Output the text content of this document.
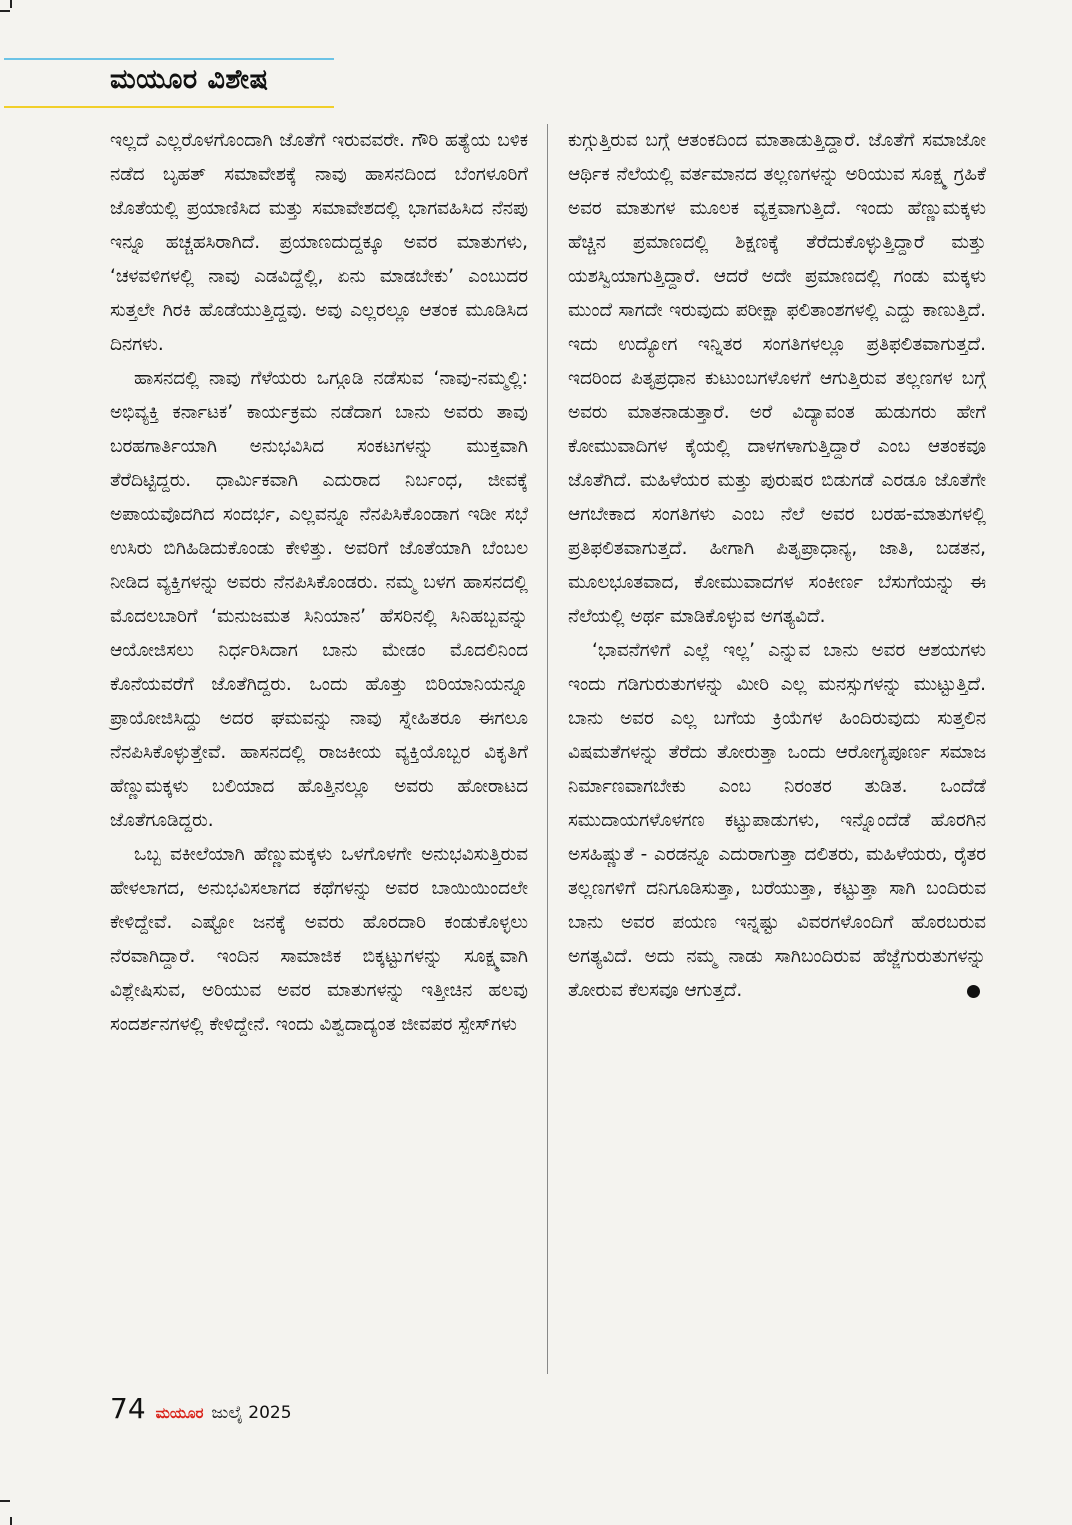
ಮಯೂರ ವಿಶೇಷ

ಇಲ್ಲದೆ ಎಲ್ಲರೊಳಗೊಂದಾಗಿ ಜೊತೆಗೆ ಇರುವವರೇ. ಗೌರಿ ಹತ್ಯೆಯ ಬಳಿಕ ನಡೆದ ಬೃಹತ್ ಸಮಾವೇಶಕ್ಕೆ ನಾವು ಹಾಸನದಿಂದ ಬೆಂಗಳೂರಿಗೆ ಜೊತೆಯಲ್ಲಿ ಪ್ರಯಾಣಿಸಿದ ಮತ್ತು ಸಮಾವೇಶದಲ್ಲಿ ಭಾಗವಹಿಸಿದ ನೆನಪು ಇನ್ನೂ ಹಚ್ಚಹಸಿರಾಗಿದೆ. ಪ್ರಯಾಣದುದ್ದಕ್ಕೂ ಅವರ ಮಾತುಗಳು, ‘ಚಳವಳಿಗಳಲ್ಲಿ ನಾವು ಎಡವಿದ್ದೆಲ್ಲಿ, ಏನು ಮಾಡಬೇಕು’ ಎಂಬುದರ ಸುತ್ತಲೇ ಗಿರಕಿ ಹೊಡೆಯುತ್ತಿದ್ದವು. ಅವು ಎಲ್ಲರಲ್ಲೂ ಆತಂಕ ಮೂಡಿಸಿದ ದಿನಗಳು.

ಹಾಸನದಲ್ಲಿ ನಾವು ಗೆಳೆಯರು ಒಗ್ಗೂಡಿ ನಡೆಸುವ ‘ನಾವು-ನಮ್ಮಲ್ಲಿ: ಅಭಿವ್ಯಕ್ತಿ ಕರ್ನಾಟಕ’ ಕಾರ್ಯಕ್ರಮ ನಡೆದಾಗ ಬಾನು ಅವರು ತಾವು ಬರಹಗಾರ್ತಿಯಾಗಿ ಅನುಭವಿಸಿದ ಸಂಕಟಗಳನ್ನು ಮುಕ್ತವಾಗಿ ತೆರೆದಿಟ್ಟಿದ್ದರು. ಧಾರ್ಮಿಕವಾಗಿ ಎದುರಾದ ನಿರ್ಬಂಧ, ಜೀವಕ್ಕೆ ಅಪಾಯವೊದಗಿದ ಸಂದರ್ಭ, ಎಲ್ಲವನ್ನೂ ನೆನಪಿಸಿಕೊಂಡಾಗ ಇಡೀ ಸಭೆ ಉಸಿರು ಬಿಗಿಹಿಡಿದುಕೊಂಡು ಕೇಳಿತ್ತು. ಅವರಿಗೆ ಜೊತೆಯಾಗಿ ಬೆಂಬಲ ನೀಡಿದ ವ್ಯಕ್ತಿಗಳನ್ನು ಅವರು ನೆನಪಿಸಿಕೊಂಡರು. ನಮ್ಮ ಬಳಗ ಹಾಸನದಲ್ಲಿ ಮೊದಲಬಾರಿಗೆ ‘ಮನುಜಮತ ಸಿನಿಯಾನ’ ಹೆಸರಿನಲ್ಲಿ ಸಿನಿಹಬ್ಬವನ್ನು ಆಯೋಜಿಸಲು ನಿರ್ಧರಿಸಿದಾಗ ಬಾನು ಮೇಡಂ ಮೊದಲಿನಿಂದ ಕೊನೆಯವರೆಗೆ ಜೊತೆಗಿದ್ದರು. ಒಂದು ಹೊತ್ತು ಬಿರಿಯಾನಿಯನ್ನೂ ಪ್ರಾಯೋಜಿಸಿದ್ದು ಅದರ ಘಮವನ್ನು ನಾವು ಸ್ನೇಹಿತರೂ ಈಗಲೂ ನೆನಪಿಸಿಕೊಳ್ಳುತ್ತೇವೆ. ಹಾಸನದಲ್ಲಿ ರಾಜಕೀಯ ವ್ಯಕ್ತಿಯೊಬ್ಬರ ವಿಕೃತಿಗೆ ಹೆಣ್ಣುಮಕ್ಕಳು ಬಲಿಯಾದ ಹೊತ್ತಿನಲ್ಲೂ ಅವರು ಹೋರಾಟದ ಜೊತೆಗೂಡಿದ್ದರು.

ಒಬ್ಬ ವಕೀಲೆಯಾಗಿ ಹೆಣ್ಣುಮಕ್ಕಳು ಒಳಗೊಳಗೇ ಅನುಭವಿಸುತ್ತಿರುವ ಹೇಳಲಾಗದ, ಅನುಭವಿಸಲಾಗದ ಕಥೆಗಳನ್ನು ಅವರ ಬಾಯಿಯಿಂದಲೇ ಕೇಳಿದ್ದೇವೆ. ಎಷ್ಟೋ ಜನಕ್ಕೆ ಅವರು ಹೊರದಾರಿ ಕಂಡುಕೊಳ್ಳಲು ನೆರವಾಗಿದ್ದಾರೆ. ಇಂದಿನ ಸಾಮಾಜಿಕ ಬಿಕ್ಕಟ್ಟುಗಳನ್ನು ಸೂಕ್ಷ್ಮವಾಗಿ ವಿಶ್ಲೇಷಿಸುವ, ಅರಿಯುವ ಅವರ ಮಾತುಗಳನ್ನು ಇತ್ತೀಚಿನ ಹಲವು ಸಂದರ್ಶನಗಳಲ್ಲಿ ಕೇಳಿದ್ದೇನೆ. ಇಂದು ವಿಶ್ವದಾದ್ಯಂತ ಜೀವಪರ ಸ್ಪೇಸ್‌ಗಳು

ಕುಗ್ಗುತ್ತಿರುವ ಬಗ್ಗೆ ಆತಂಕದಿಂದ ಮಾತಾಡುತ್ತಿದ್ದಾರೆ. ಜೊತೆಗೆ ಸಮಾಜೋ ಆರ್ಥಿಕ ನೆಲೆಯಲ್ಲಿ ವರ್ತಮಾನದ ತಲ್ಲಣಗಳನ್ನು ಅರಿಯುವ ಸೂಕ್ಷ್ಮ ಗ್ರಹಿಕೆ ಅವರ ಮಾತುಗಳ ಮೂಲಕ ವ್ಯಕ್ತವಾಗುತ್ತಿದೆ. ಇಂದು ಹೆಣ್ಣುಮಕ್ಕಳು ಹೆಚ್ಚಿನ ಪ್ರಮಾಣದಲ್ಲಿ ಶಿಕ್ಷಣಕ್ಕೆ ತೆರೆದುಕೊಳ್ಳುತ್ತಿದ್ದಾರೆ ಮತ್ತು ಯಶಸ್ವಿಯಾಗುತ್ತಿದ್ದಾರೆ. ಆದರೆ ಅದೇ ಪ್ರಮಾಣದಲ್ಲಿ ಗಂಡು ಮಕ್ಕಳು ಮುಂದೆ ಸಾಗದೇ ಇರುವುದು ಪರೀಕ್ಷಾ ಫಲಿತಾಂಶಗಳಲ್ಲಿ ಎದ್ದು ಕಾಣುತ್ತಿದೆ. ಇದು ಉದ್ಯೋಗ ಇನ್ನಿತರ ಸಂಗತಿಗಳಲ್ಲೂ ಪ್ರತಿಫಲಿತವಾಗುತ್ತದೆ. ಇದರಿಂದ ಪಿತೃಪ್ರಧಾನ ಕುಟುಂಬಗಳೊಳಗೆ ಆಗುತ್ತಿರುವ ತಲ್ಲಣಗಳ ಬಗ್ಗೆ ಅವರು ಮಾತನಾಡುತ್ತಾರೆ. ಅರೆ ವಿದ್ಯಾವಂತ ಹುಡುಗರು ಹೇಗೆ ಕೋಮುವಾದಿಗಳ ಕೈಯಲ್ಲಿ ದಾಳಗಳಾಗುತ್ತಿದ್ದಾರೆ ಎಂಬ ಆತಂಕವೂ ಜೊತೆಗಿದೆ. ಮಹಿಳೆಯರ ಮತ್ತು ಪುರುಷರ ಬಿಡುಗಡೆ ಎರಡೂ ಜೊತೆಗೇ ಆಗಬೇಕಾದ ಸಂಗತಿಗಳು ಎಂಬ ನೆಲೆ ಅವರ ಬರಹ-ಮಾತುಗಳಲ್ಲಿ ಪ್ರತಿಫಲಿತವಾಗುತ್ತದೆ. ಹೀಗಾಗಿ ಪಿತೃಪ್ರಾಧಾನ್ಯ, ಜಾತಿ, ಬಡತನ, ಮೂಲಭೂತವಾದ, ಕೋಮುವಾದಗಳ ಸಂಕೀರ್ಣ ಬೆಸುಗೆಯನ್ನು ಈ ನೆಲೆಯಲ್ಲಿ ಅರ್ಥ ಮಾಡಿಕೊಳ್ಳುವ ಅಗತ್ಯವಿದೆ.

‘ಭಾವನೆಗಳಿಗೆ ಎಲ್ಲೆ ಇಲ್ಲ’ ಎನ್ನುವ ಬಾನು ಅವರ ಆಶಯಗಳು ಇಂದು ಗಡಿಗುರುತುಗಳನ್ನು ಮೀರಿ ಎಲ್ಲ ಮನಸ್ಸುಗಳನ್ನು ಮುಟ್ಟುತ್ತಿದೆ. ಬಾನು ಅವರ ಎಲ್ಲ ಬಗೆಯ ಕ್ರಿಯೆಗಳ ಹಿಂದಿರುವುದು ಸುತ್ತಲಿನ ವಿಷಮತೆಗಳನ್ನು ತೆರೆದು ತೋರುತ್ತಾ ಒಂದು ಆರೋಗ್ಯಪೂರ್ಣ ಸಮಾಜ ನಿರ್ಮಾಣವಾಗಬೇಕು ಎಂಬ ನಿರಂತರ ತುಡಿತ. ಒಂದೆಡೆ ಸಮುದಾಯಗಳೊಳಗಣ ಕಟ್ಟುಪಾಡುಗಳು, ಇನ್ನೊಂದೆಡೆ ಹೊರಗಿನ ಅಸಹಿಷ್ಣುತೆ - ಎರಡನ್ನೂ ಎದುರಾಗುತ್ತಾ ದಲಿತರು, ಮಹಿಳೆಯರು, ರೈತರ ತಲ್ಲಣಗಳಿಗೆ ದನಿಗೂಡಿಸುತ್ತಾ, ಬರೆಯುತ್ತಾ, ಕಟ್ಟುತ್ತಾ ಸಾಗಿ ಬಂದಿರುವ ಬಾನು ಅವರ ಪಯಣ ಇನ್ನಷ್ಟು ವಿವರಗಳೊಂದಿಗೆ ಹೊರಬರುವ ಅಗತ್ಯವಿದೆ. ಅದು ನಮ್ಮ ನಾಡು ಸಾಗಿಬಂದಿರುವ ಹೆಜ್ಜೆಗುರುತುಗಳನ್ನು ತೋರುವ ಕೆಲಸವೂ ಆಗುತ್ತದೆ.

74 ಮಯೂರ ಜುಲೈ 2025
